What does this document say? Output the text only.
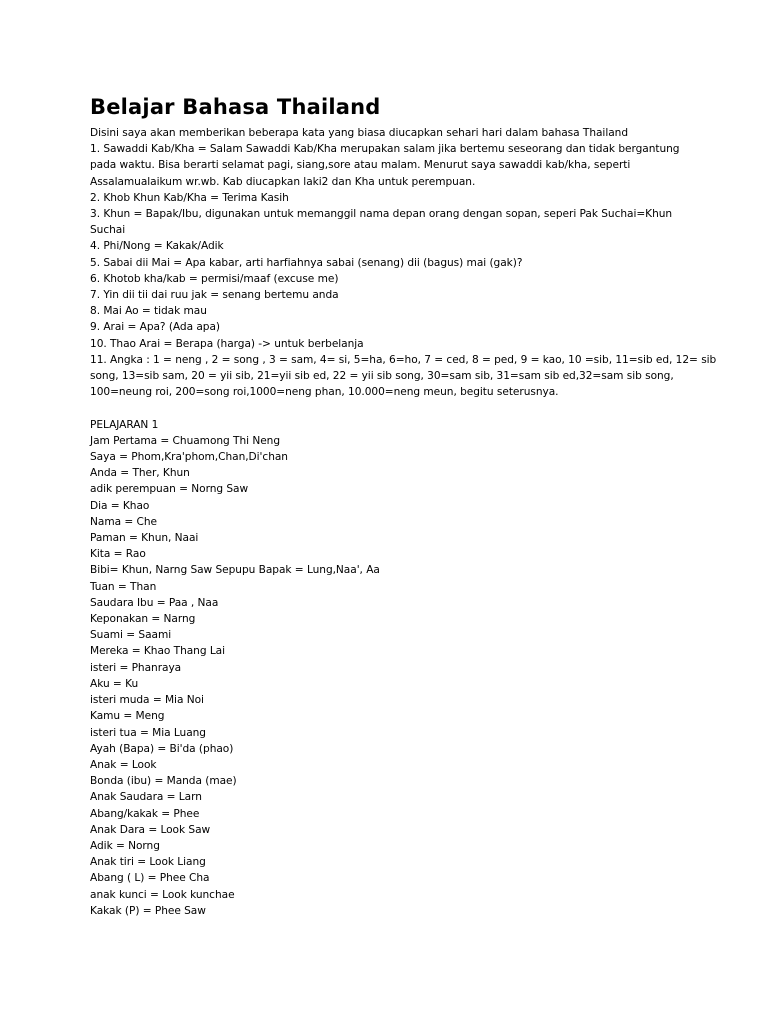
Belajar Bahasa Thailand
Disini saya akan memberikan beberapa kata yang biasa diucapkan sehari hari dalam bahasa Thailand
1. Sawaddi Kab/Kha = Salam Sawaddi Kab/Kha merupakan salam jika bertemu seseorang dan tidak bergantung
pada waktu. Bisa berarti selamat pagi, siang,sore atau malam. Menurut saya sawaddi kab/kha, seperti
Assalamualaikum wr.wb. Kab diucapkan laki2 dan Kha untuk perempuan.
2. Khob Khun Kab/Kha = Terima Kasih
3. Khun = Bapak/Ibu, digunakan untuk memanggil nama depan orang dengan sopan, seperi Pak Suchai=Khun
Suchai
4. Phi/Nong = Kakak/Adik
5. Sabai dii Mai = Apa kabar, arti harfiahnya sabai (senang) dii (bagus) mai (gak)?
6. Khotob kha/kab = permisi/maaf (excuse me)
7. Yin dii tii dai ruu jak = senang bertemu anda
8. Mai Ao = tidak mau
9. Arai = Apa? (Ada apa)
10. Thao Arai = Berapa (harga) -> untuk berbelanja
11. Angka : 1 = neng , 2 = song , 3 = sam, 4= si, 5=ha, 6=ho, 7 = ced, 8 = ped, 9 = kao, 10 =sib, 11=sib ed, 12= sib
song, 13=sib sam, 20 = yii sib, 21=yii sib ed, 22 = yii sib song, 30=sam sib, 31=sam sib ed,32=sam sib song,
100=neung roi, 200=song roi,1000=neng phan, 10.000=neng meun, begitu seterusnya.
PELAJARAN 1
Jam Pertama = Chuamong Thi Neng
Saya = Phom,Kra'phom,Chan,Di'chan
Anda = Ther, Khun
adik perempuan = Norng Saw
Dia = Khao
Nama = Che
Paman = Khun, Naai
Kita = Rao
Bibi= Khun, Narng Saw Sepupu Bapak = Lung,Naa', Aa
Tuan = Than
Saudara Ibu = Paa , Naa
Keponakan = Narng
Suami = Saami
Mereka = Khao Thang Lai
isteri = Phanraya
Aku = Ku
isteri muda = Mia Noi
Kamu = Meng
isteri tua = Mia Luang
Ayah (Bapa) = Bi'da (phao)
Anak = Look
Bonda (ibu) = Manda (mae)
Anak Saudara = Larn
Abang/kakak = Phee
Anak Dara = Look Saw
Adik = Norng
Anak tiri = Look Liang
Abang ( L) = Phee Cha
anak kunci = Look kunchae
Kakak (P) = Phee Saw
